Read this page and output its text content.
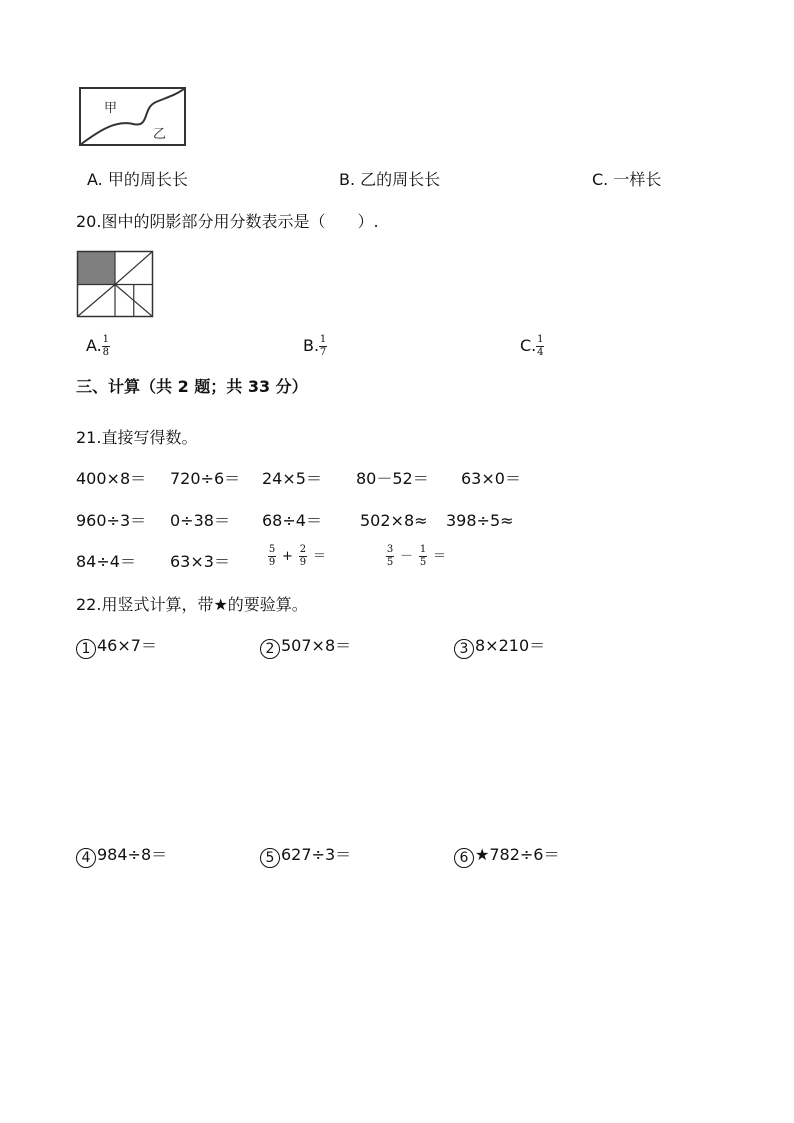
甲
乙
A. 甲的周长长	B. 乙的周长长	C. 一样长
20.图中的阴影部分用分数表示是（　　）.
A. $\frac{1}{8}$	B. $\frac{1}{7}$	C. $\frac{1}{4}$
三、计算（共 2 题；共 33 分）
21.直接写得数。
400×8＝ 720÷6＝ 24×5＝ 80－52＝ 63×0＝
960÷3＝ 0÷38＝ 68÷4＝ 502×8≈ 398÷5≈
84÷4＝ 63×3＝	$\frac{5}{9} + \frac{2}{9}$ ＝	$\frac{3}{5} - \frac{1}{5}$ ＝
22.用竖式计算，带★的要验算。
1 46×7＝	2 507×8＝	3 8×210＝
4 984÷8＝	5 627÷3＝	6 ★782÷6＝
